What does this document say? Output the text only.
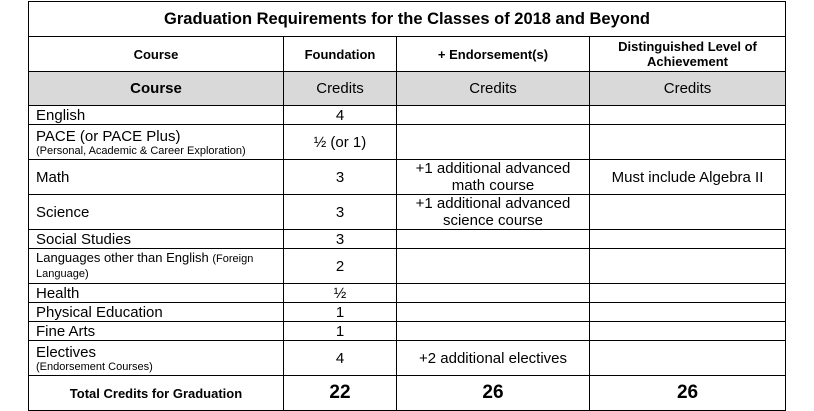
Graduation Requirements for the Classes of 2018 and Beyond			
Course	Foundation	+ Endorsement(s)	Distinguished Level of Achievement
Course	Credits	Credits	Credits
English	4		
PACE (or PACE Plus)
(Personal, Academic & Career Exploration)	½ (or 1)		
Math	3	+1 additional advanced math course	Must include Algebra II
Science	3	+1 additional advanced science course	
Social Studies	3		
Languages other than English (Foreign Language)	2		
Health	½		
Physical Education	1		
Fine Arts	1		
Electives
(Endorsement Courses)	4	+2 additional electives	
Total Credits for Graduation	22	26	26
